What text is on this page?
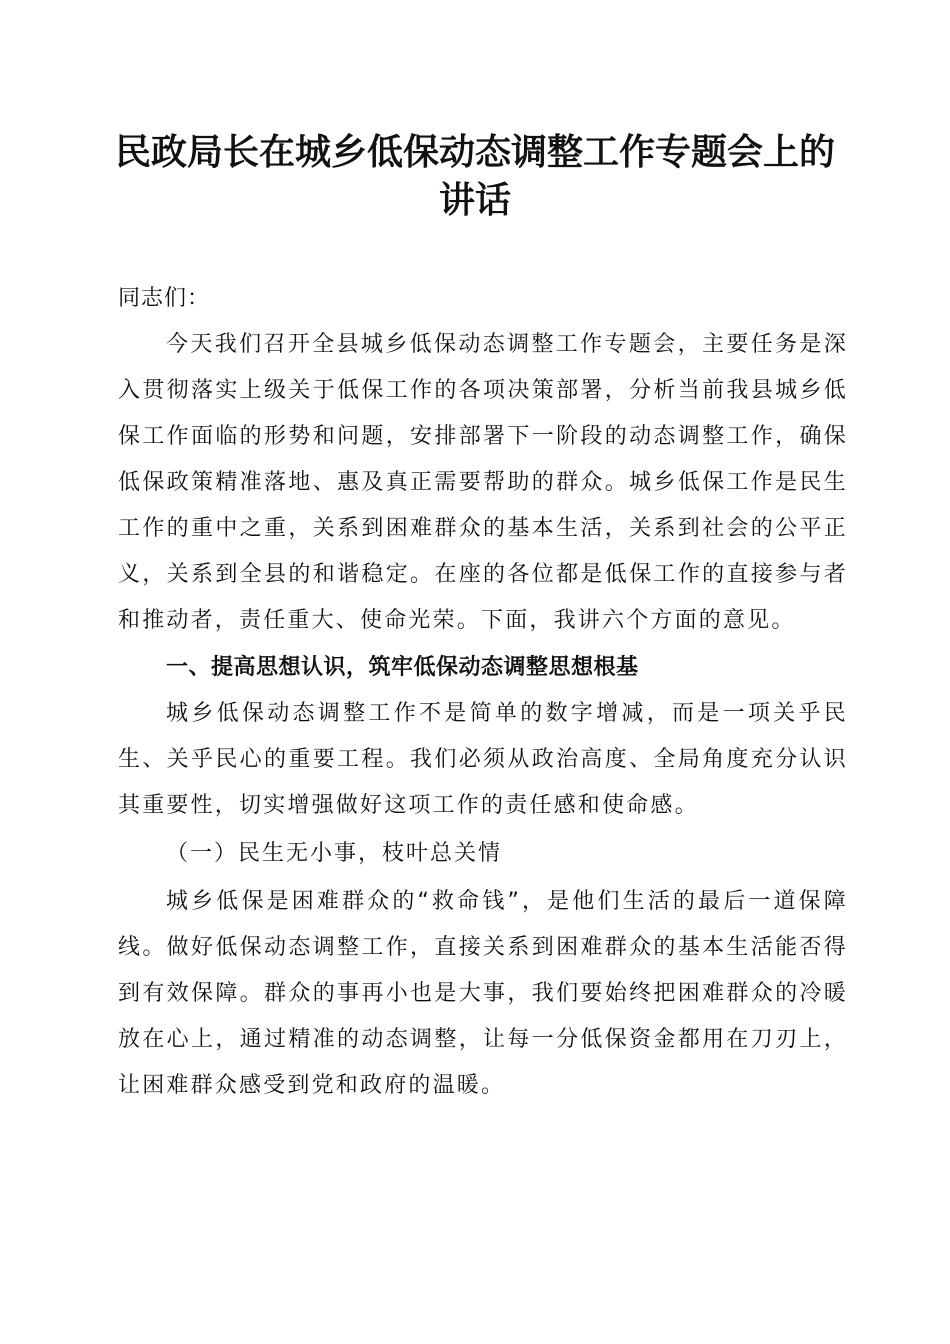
民政局长在城乡低保动态调整工作专题会上的
讲话

同志们：

今天我们召开全县城乡低保动态调整工作专题会，主要任务是深入贯彻落实上级关于低保工作的各项决策部署，分析当前我县城乡低保工作面临的形势和问题，安排部署下一阶段的动态调整工作，确保低保政策精准落地、惠及真正需要帮助的群众。城乡低保工作是民生工作的重中之重，关系到困难群众的基本生活，关系到社会的公平正义，关系到全县的和谐稳定。在座的各位都是低保工作的直接参与者和推动者，责任重大、使命光荣。下面，我讲六个方面的意见。

一、提高思想认识，筑牢低保动态调整思想根基

城乡低保动态调整工作不是简单的数字增减，而是一项关乎民生、关乎民心的重要工程。我们必须从政治高度、全局角度充分认识其重要性，切实增强做好这项工作的责任感和使命感。

（一）民生无小事，枝叶总关情

城乡低保是困难群众的“救命钱”，是他们生活的最后一道保障线。做好低保动态调整工作，直接关系到困难群众的基本生活能否得到有效保障。群众的事再小也是大事，我们要始终把困难群众的冷暖放在心上，通过精准的动态调整，让每一分低保资金都用在刀刃上，让困难群众感受到党和政府的温暖。
